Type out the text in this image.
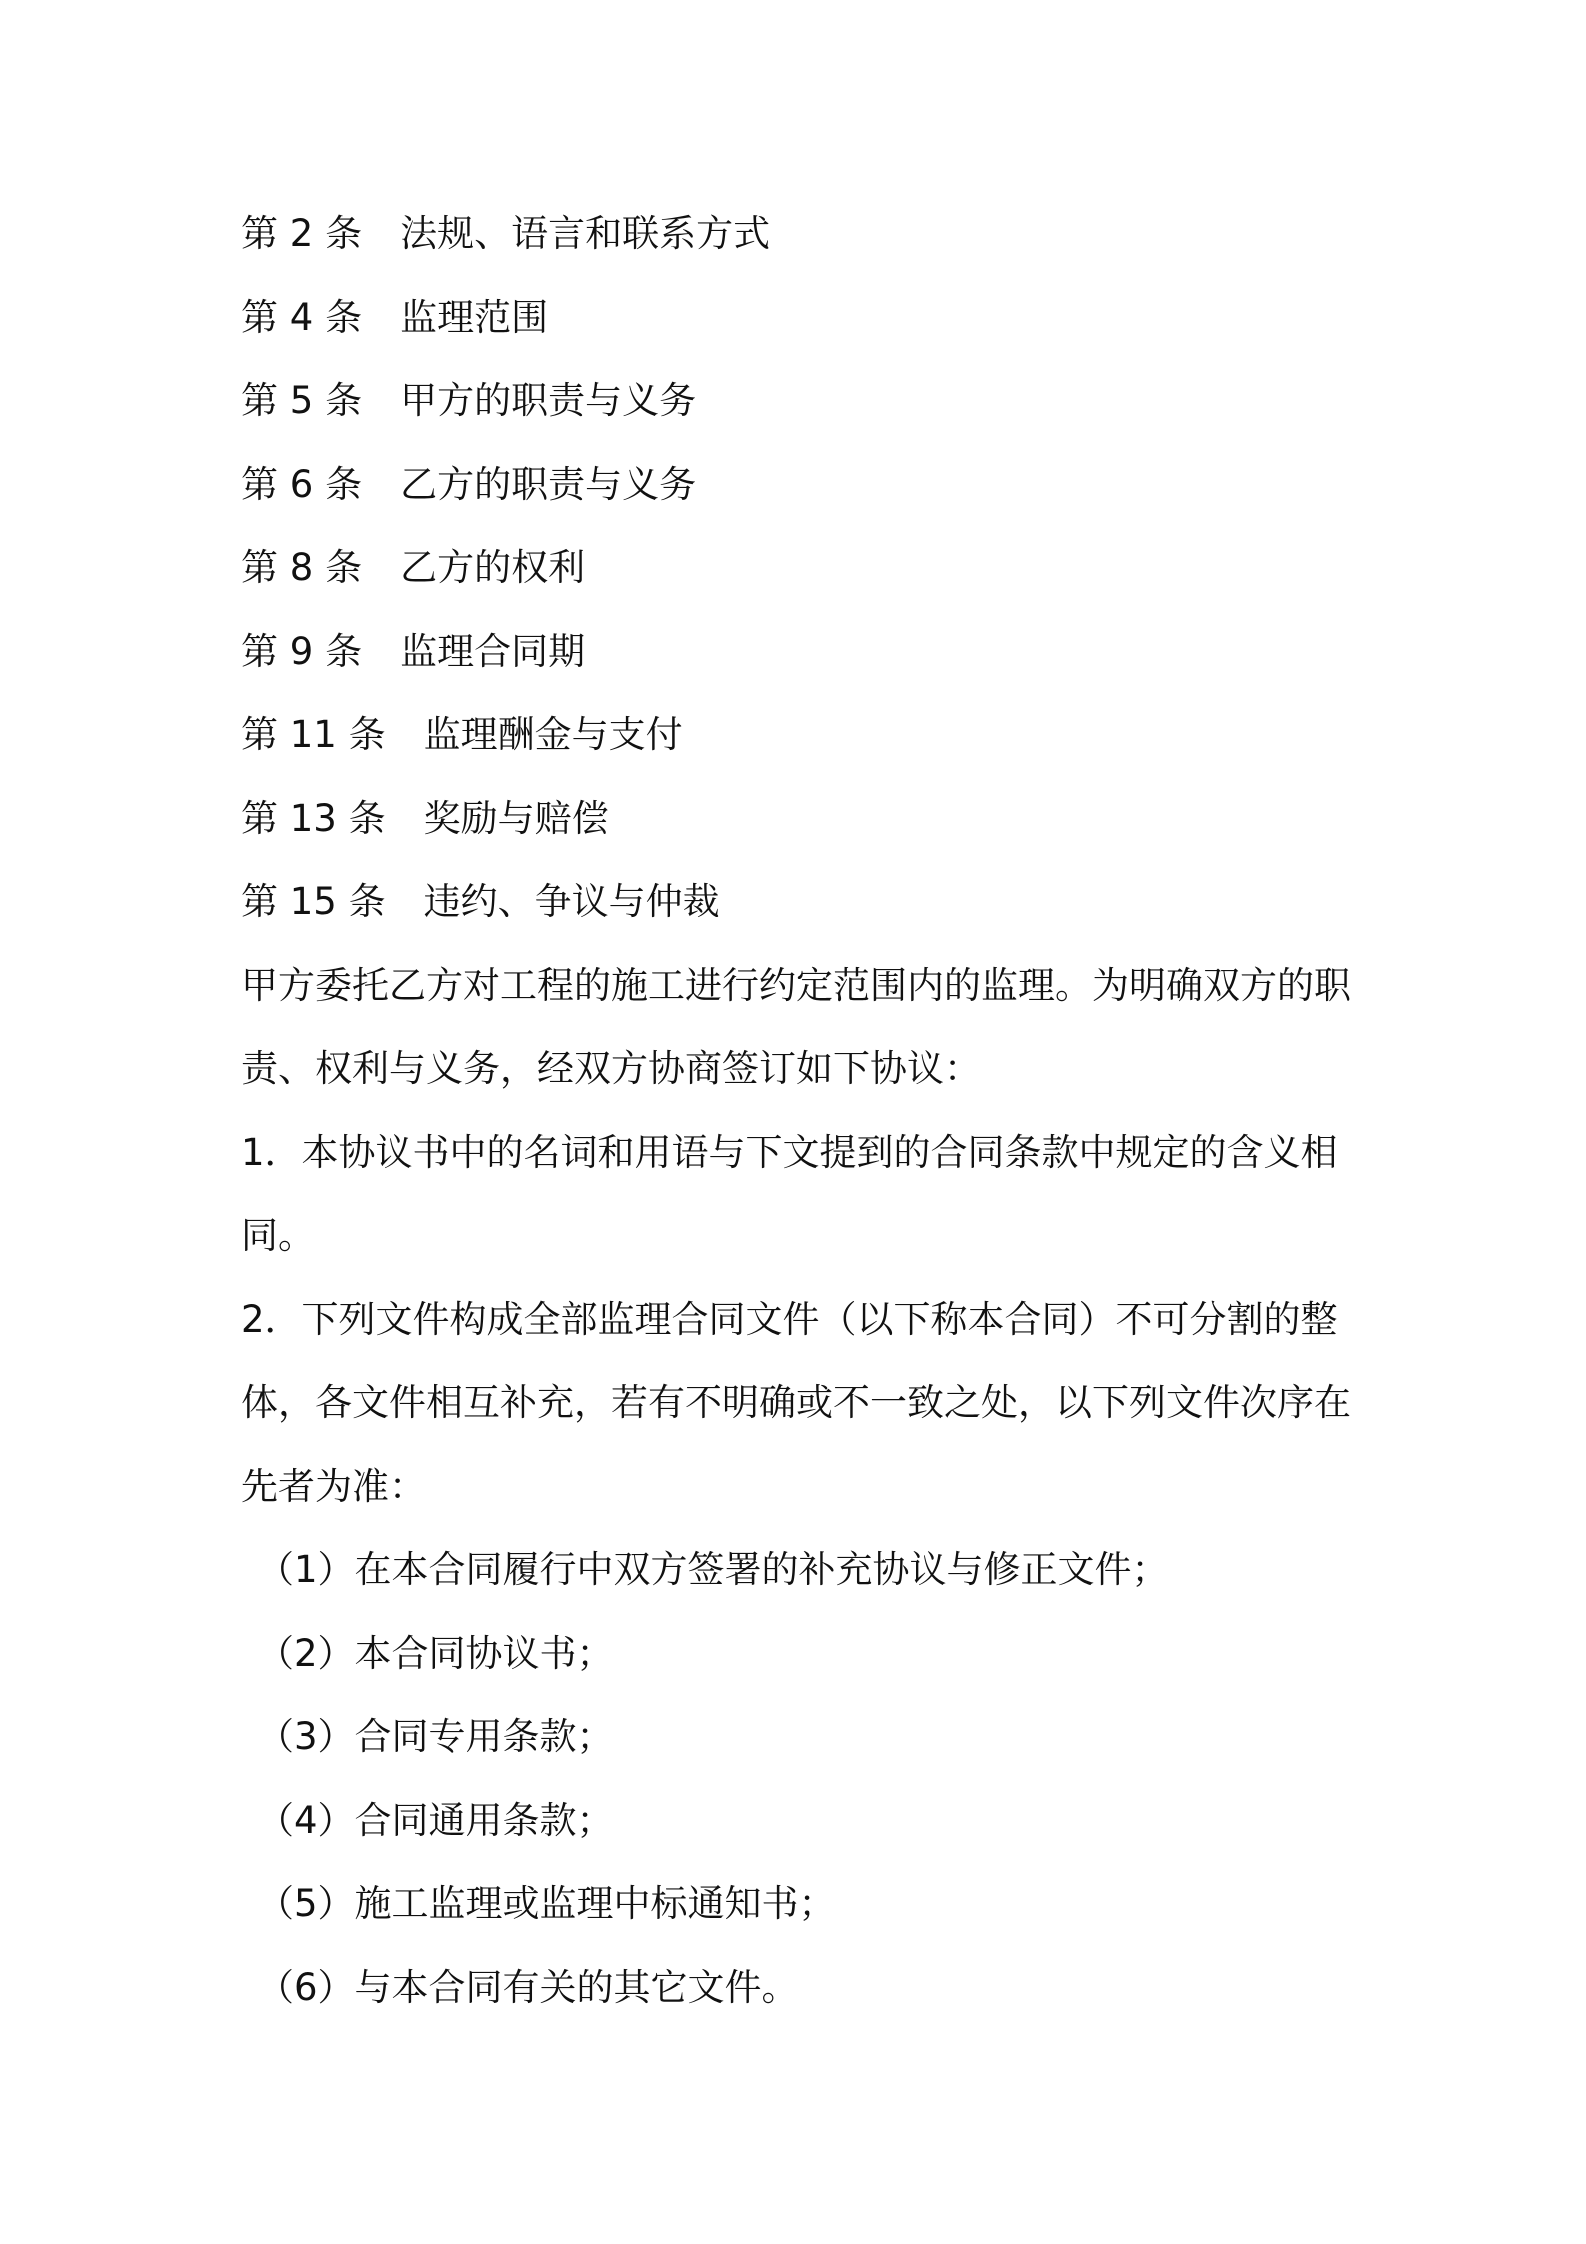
第 2 条 法规、语言和联系方式
第 4 条 监理范围
第 5 条 甲方的职责与义务
第 6 条 乙方的职责与义务
第 8 条 乙方的权利
第 9 条 监理合同期
第 11 条 监理酬金与支付
第 13 条 奖励与赔偿
第 15 条 违约、争议与仲裁
甲方委托乙方对工程的施工进行约定范围内的监理。为明确双方的职
责、权利与义务，经双方协商签订如下协议：
1．本协议书中的名词和用语与下文提到的合同条款中规定的含义相
同。
2．下列文件构成全部监理合同文件（以下称本合同）不可分割的整
体，各文件相互补充，若有不明确或不一致之处，以下列文件次序在
先者为准：
（1）在本合同履行中双方签署的补充协议与修正文件；
（2）本合同协议书；
（3）合同专用条款；
（4）合同通用条款；
（5）施工监理或监理中标通知书；
（6）与本合同有关的其它文件。
